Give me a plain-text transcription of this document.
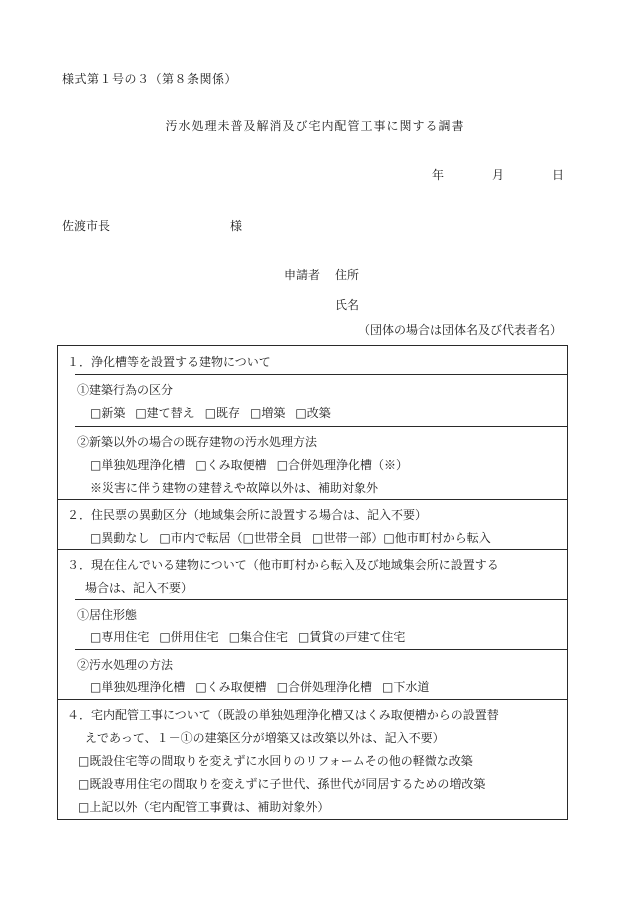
様式第１号の３（第８条関係）
汚水処理未普及解消及び宅内配管工事に関する調書
年	月	日
佐渡市長	様
申請者 住所
氏名
（団体の場合は団体名及び代表者名）
１．浄化槽等を設置する建物について
①建築行為の区分
□新築 □建て替え □既存 □増築 □改築
②新築以外の場合の既存建物の汚水処理方法
□単独処理浄化槽 □くみ取便槽 □合併処理浄化槽（※）
※災害に伴う建物の建替えや故障以外は、補助対象外
２．住民票の異動区分（地域集会所に設置する場合は、記入不要）
□異動なし □市内で転居（□世帯全員 □世帯一部）□他市町村から転入
３．現在住んでいる建物について（他市町村から転入及び地域集会所に設置する
場合は、記入不要）
①居住形態
□専用住宅 □併用住宅 □集合住宅 □賃貸の戸建て住宅
②汚水処理の方法
□単独処理浄化槽 □くみ取便槽 □合併処理浄化槽 □下水道
４．宅内配管工事について（既設の単独処理浄化槽又はくみ取便槽からの設置替
えであって、１－①の建築区分が増築又は改築以外は、記入不要）
□既設住宅等の間取りを変えずに水回りのリフォームその他の軽微な改築
□既設専用住宅の間取りを変えずに子世代、孫世代が同居するための増改築
□上記以外（宅内配管工事費は、補助対象外）
